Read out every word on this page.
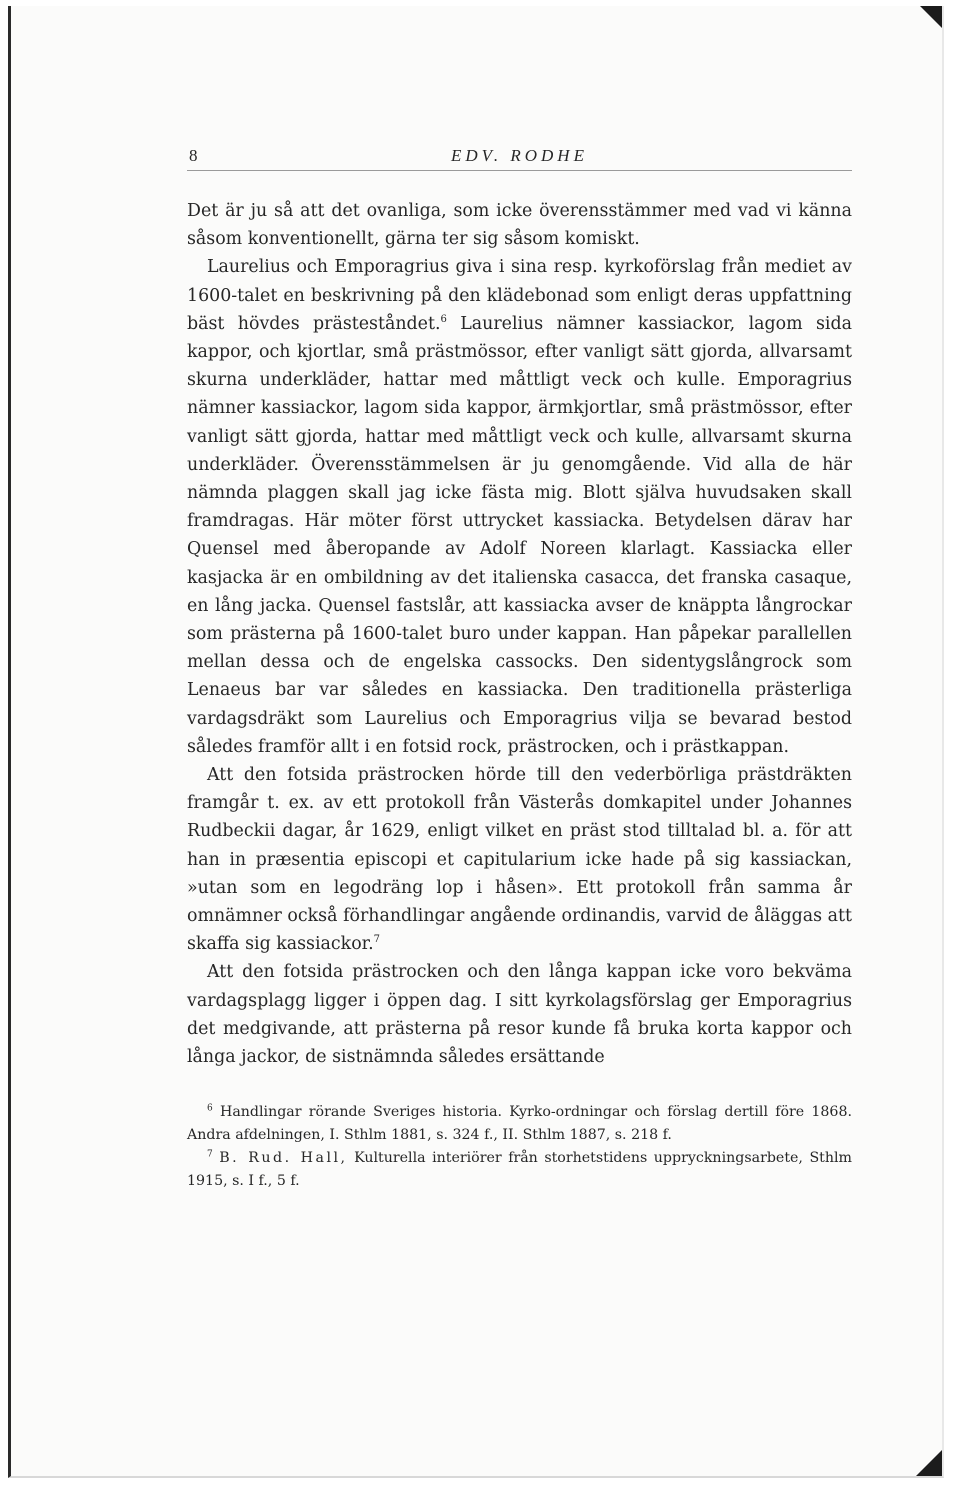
8	EDV. RODHE

Det är ju så att det ovanliga, som icke överensstämmer med vad vi känna såsom konventionellt, gärna ter sig såsom komiskt.

Laurelius och Emporagrius giva i sina resp. kyrkoförslag från mediet av 1600-talet en beskrivning på den klädebonad som enligt deras uppfattning bäst hövdes prästeståndet.$^6$ Laurelius nämner kassiackor, lagom sida kappor, och kjortlar, små prästmössor, efter vanligt sätt gjorda, allvarsamt skurna underkläder, hattar med måttligt veck och kulle. Emporagrius nämner kassiackor, lagom sida kappor, ärmkjortlar, små prästmössor, efter vanligt sätt gjorda, hattar med måttligt veck och kulle, allvarsamt skurna underkläder. Överensstämmelsen är ju genomgående. Vid alla de här nämnda plaggen skall jag icke fästa mig. Blott själva huvudsaken skall framdragas. Här möter först uttrycket kassiacka. Betydelsen därav har Quensel med åberopande av Adolf Noreen klarlagt. Kassiacka eller kasjacka är en ombildning av det italienska casacca, det franska casaque, en lång jacka. Quensel fastslår, att kassiacka avser de knäppta långrockar som prästerna på 1600-talet buro under kappan. Han påpekar parallellen mellan dessa och de engelska cassocks. Den sidentygslångrock som Lenaeus bar var således en kassiacka. Den traditionella prästerliga vardagsdräkt som Laurelius och Emporagrius vilja se bevarad bestod således framför allt i en fotsid rock, prästrocken, och i prästkappan.

Att den fotsida prästrocken hörde till den vederbörliga prästdräkten framgår t. ex. av ett protokoll från Västerås domkapitel under Johannes Rudbeckii dagar, år 1629, enligt vilket en präst stod tilltalad bl. a. för att han in præsentia episcopi et capitularium icke hade på sig kassiackan, »utan som en legodräng lop i håsen». Ett protokoll från samma år omnämner också förhandlingar angående ordinandis, varvid de åläggas att skaffa sig kassiackor.$^7$

Att den fotsida prästrocken och den långa kappan icke voro bekväma vardagsplagg ligger i öppen dag. I sitt kyrkolagsförslag ger Emporagrius det medgivande, att prästerna på resor kunde få bruka korta kappor och långa jackor, de sistnämnda således ersättande

$^6$ Handlingar rörande Sveriges historia. Kyrko-ordningar och förslag dertill före 1868. Andra afdelningen, I. Sthlm 1881, s. 324 f., II. Sthlm 1887, s. 218 f.

$^7$ B. Rud. Hall, Kulturella interiörer från storhetstidens uppryckningsarbete, Sthlm 1915, s. I f., 5 f.
